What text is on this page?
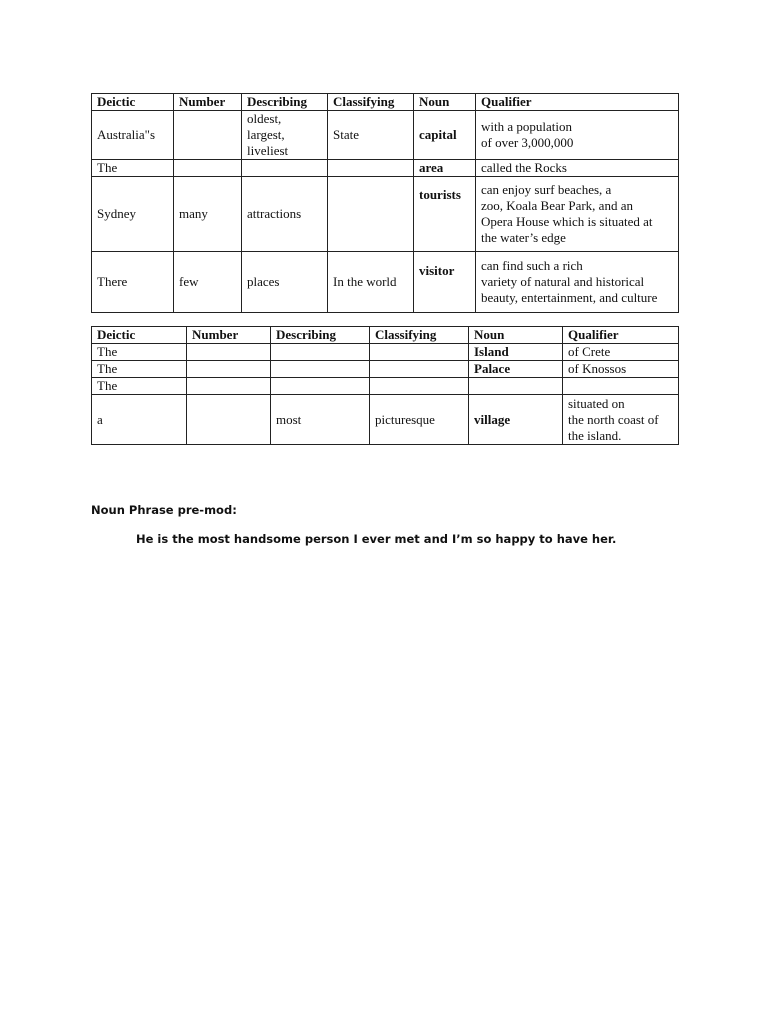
Deictic	Number	Describing	Classifying	Noun	Qualifier
Australia"s		oldest,
largest,
liveliest	State	capital	with a population
of over 3,000,000
The				area	called the Rocks
Sydney	many	attractions		tourists	can enjoy surf beaches, a
zoo, Koala Bear Park, and an
Opera House which is situated at
the water’s edge
There	few	places	In the world	visitor	can find such a rich
variety of natural and historical
beauty, entertainment, and culture
Deictic	Number	Describing	Classifying	Noun	Qualifier
The				Island	of Crete
The				Palace	of Knossos
The					
a		most	picturesque	village	situated on
the north coast of
the island.
Noun Phrase pre-mod:
He is the most handsome person I ever met and I’m so happy to have her.
